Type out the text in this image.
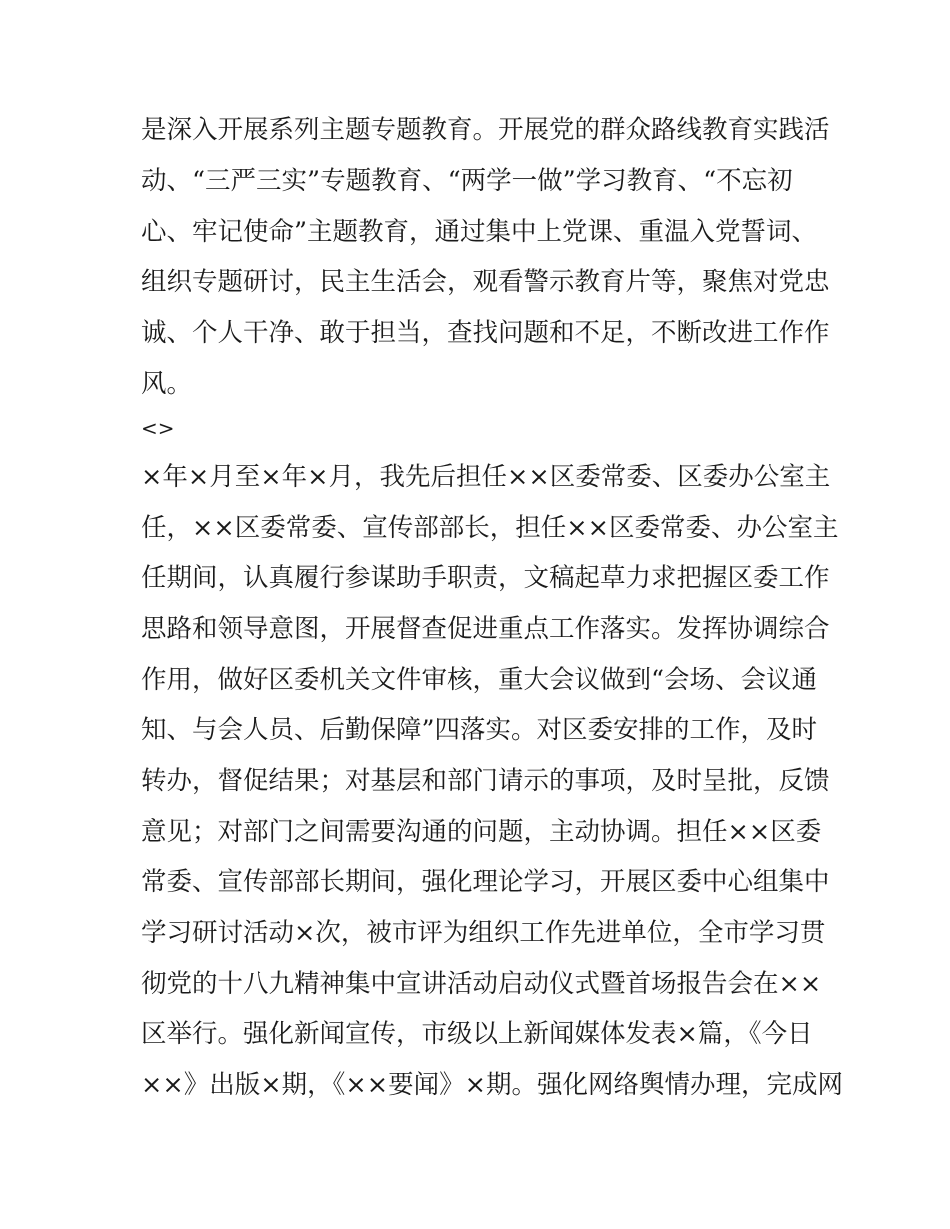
是深入开展系列主题专题教育。开展党的群众路线教育实践活
动、“三严三实”专题教育、“两学一做”学习教育、“不忘初
心、牢记使命”主题教育，通过集中上党课、重温入党誓词、
组织专题研讨，民主生活会，观看警示教育片等，聚焦对党忠
诚、个人干净、敢于担当，查找问题和不足，不断改进工作作
风。
<>
×年×月至×年×月，我先后担任××区委常委、区委办公室主
任，××区委常委、宣传部部长，担任××区委常委、办公室主
任期间，认真履行参谋助手职责，文稿起草力求把握区委工作
思路和领导意图，开展督查促进重点工作落实。发挥协调综合
作用，做好区委机关文件审核，重大会议做到“会场、会议通
知、与会人员、后勤保障”四落实。对区委安排的工作，及时
转办，督促结果；对基层和部门请示的事项，及时呈批，反馈
意见；对部门之间需要沟通的问题，主动协调。担任××区委
常委、宣传部部长期间，强化理论学习，开展区委中心组集中
学习研讨活动×次，被市评为组织工作先进单位，全市学习贯
彻党的十八九精神集中宣讲活动启动仪式暨首场报告会在××
区举行。强化新闻宣传，市级以上新闻媒体发表×篇，《今日
××》出版×期，《××要闻》×期。强化网络舆情办理，完成网
